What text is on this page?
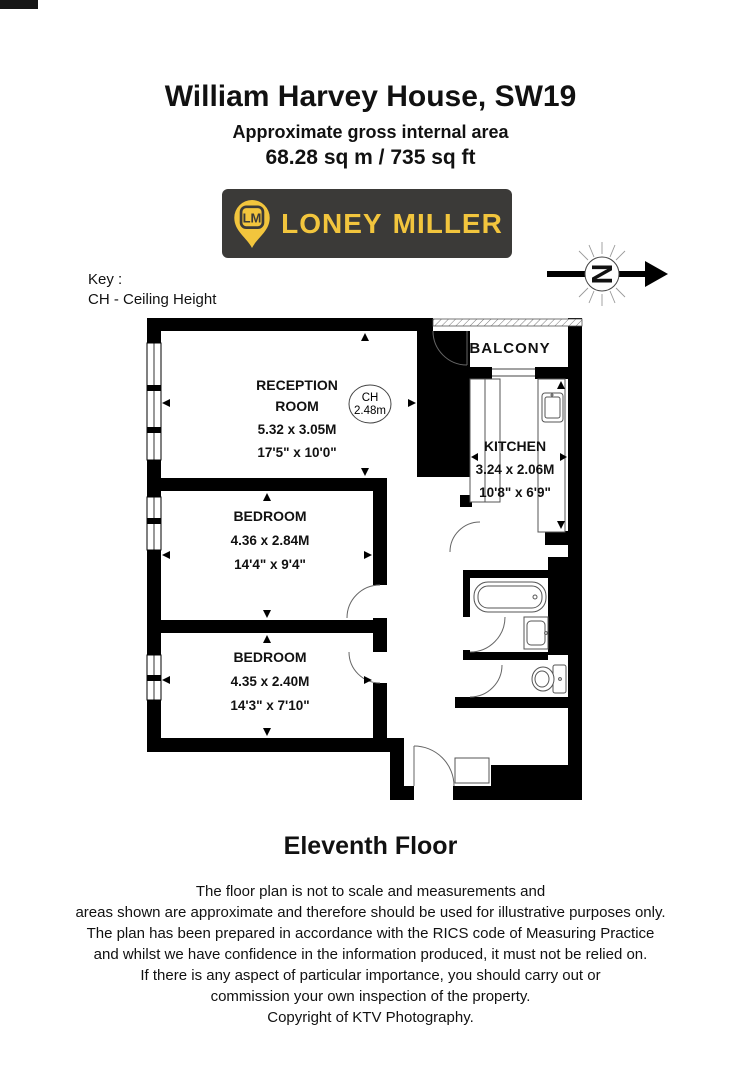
William Harvey House, SW19
Approximate gross internal area
68.28 sq m / 735 sq ft
LM LONEY MILLER
N
Key :
CH - Ceiling Height
CH
2.48m
BALCONY
RECEPTION
ROOM
5.32 x 3.05M
17'5" x 10'0"	KITCHEN
3.24 x 2.06M
10'8" x 6'9"
BEDROOM
4.36 x 2.84M
14'4" x 9'4"
BEDROOM
4.35 x 2.40M
14'3" x 7'10"
Eleventh Floor
The floor plan is not to scale and measurements and
areas shown are approximate and therefore should be used for illustrative purposes only.
The plan has been prepared in accordance with the RICS code of Measuring Practice
and whilst we have confidence in the information produced, it must not be relied on.
If there is any aspect of particular importance, you should carry out or
commission your own inspection of the property.
Copyright of KTV Photography.
